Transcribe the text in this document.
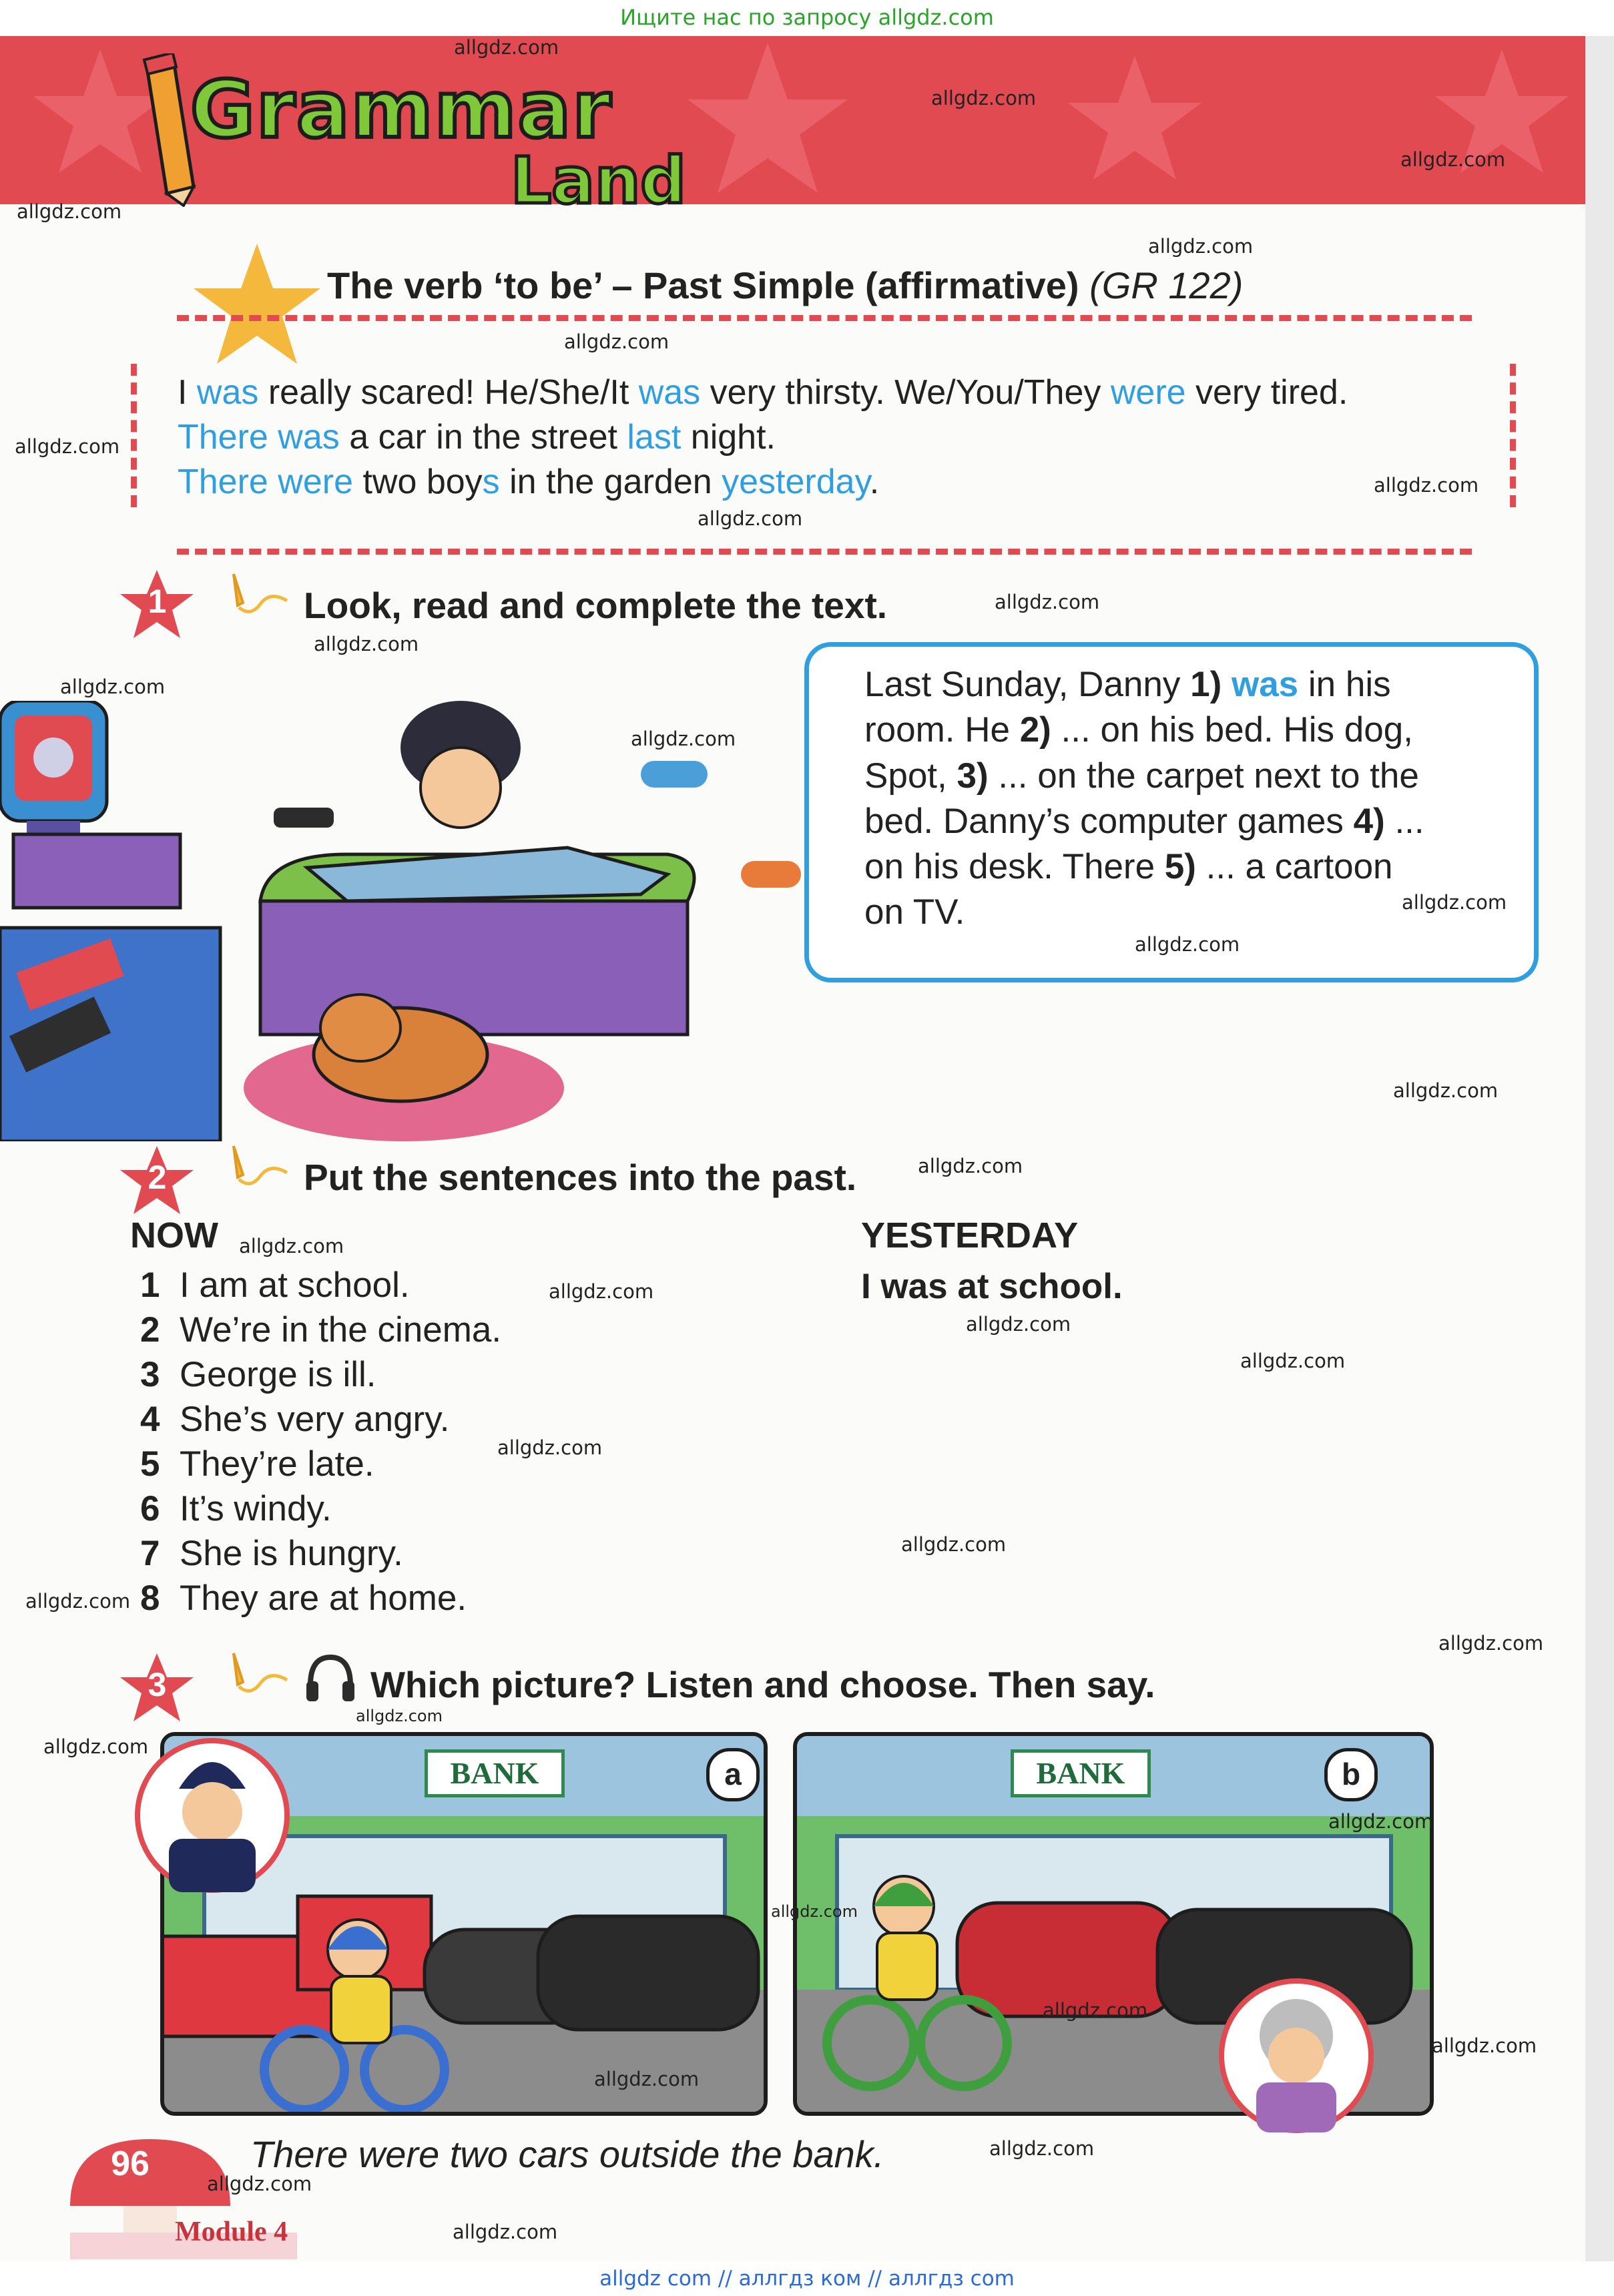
Ищите нас по запросу allgdz.com
Grammar
Land
The verb ‘to be’ – Past Simple (affirmative) (GR 122)
I was really scared! He/She/It was very thirsty. We/You/They were very tired.
There was a car in the street last night.
There were two boys in the garden yesterday.
1	Look, read and complete the text.
Last Sunday, Danny 1) was in his
room. He 2) ... on his bed. His dog,
Spot, 3) ... on the carpet next to the
bed. Danny’s computer games 4) ...
on his desk. There 5) ... a cartoon
on TV.
2	Put the sentences into the past.
NOW	YESTERDAY
I was at school.
1 I am at school.
2 We’re in the cinema.
3 George is ill.
4 She’s very angry.
5 They’re late.
6 It’s windy.
7 She is hungry.
8 They are at home.
3	Which picture? Listen and choose. Then say.
BANK	a	BANK	b
There were two cars outside the bank.
96
Module 4
allgdz.com
allgdz.com
allgdz.com
allgdz.com
allgdz.com
allgdz.com
allgdz.com
allgdz.com
allgdz.com
allgdz.com
allgdz.com
allgdz.com
allgdz.com
allgdz.com
allgdz.com
allgdz.com
allgdz.com
allgdz.com
allgdz.com
allgdz.com
allgdz.com
allgdz.com
allgdz.com
allgdz.com
allgdz.com
allgdz.com
allgdz.com
allgdz.com
allgdz.com
allgdz.com
allgdz.com
allgdz.com
allgdz.com
allgdz.com
allgdz.com
allgdz com // аллгдз ком // аллгдз com
